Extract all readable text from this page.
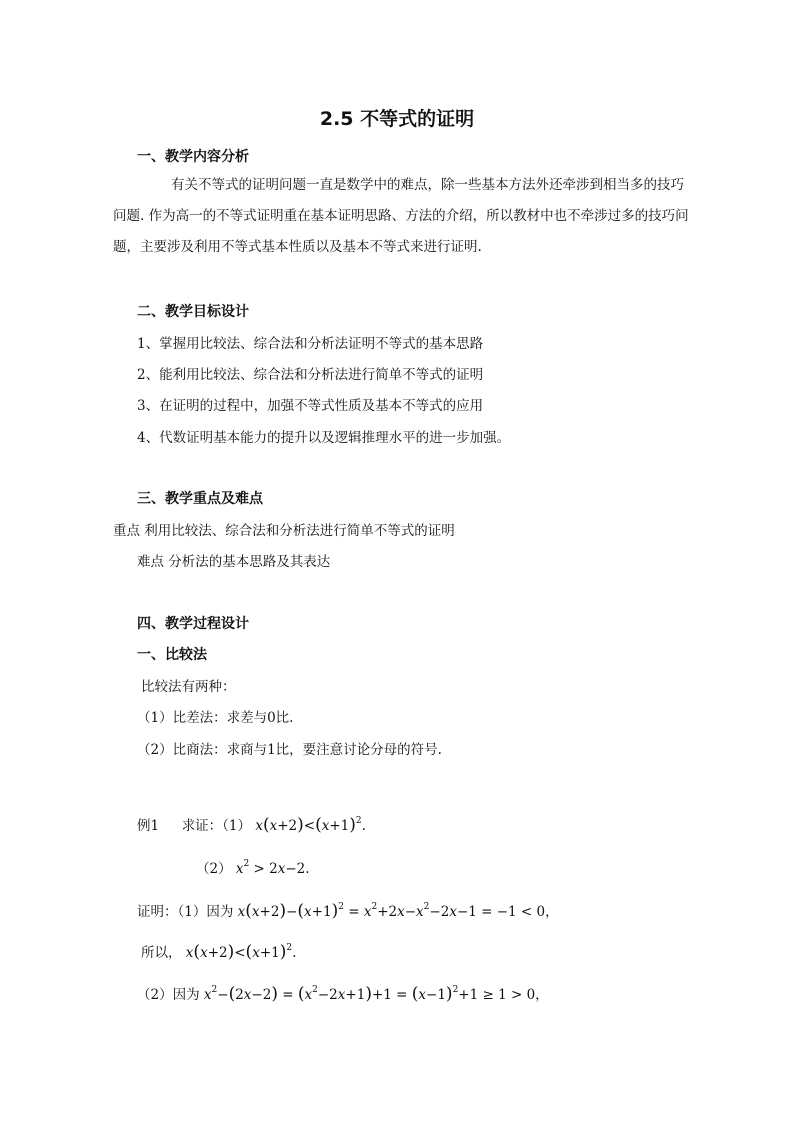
2.5 不等式的证明
一、教学内容分析
有关不等式的证明问题一直是数学中的难点，除一些基本方法外还牵涉到相当多的技巧问题. 作为高一的不等式证明重在基本证明思路、方法的介绍，所以教材中也不牵涉过多的技巧问题，主要涉及利用不等式基本性质以及基本不等式来进行证明.
二、教学目标设计
1、掌握用比较法、综合法和分析法证明不等式的基本思路
2、能利用比较法、综合法和分析法进行简单不等式的证明
3、在证明的过程中，加强不等式性质及基本不等式的应用
4、代数证明基本能力的提升以及逻辑推理水平的进一步加强。
三、教学重点及难点
重点 利用比较法、综合法和分析法进行简单不等式的证明
难点 分析法的基本思路及其表达
四、教学过程设计
一、比较法
比较法有两种：
（1）比差法：求差与0比.
（2）比商法：求商与1比，要注意讨论分母的符号.
例1 求证：（1） $x(x+2)<(x+1)^2$.
（2） $x^2 > 2x-2$.
证明：（1）因为 $x(x+2)-(x+1)^2 = x^2+2x-x^2-2x-1 = -1 < 0$，
所以， $x(x+2)<(x+1)^2$.
（2）因为 $x^2-(2x-2) = (x^2-2x+1)+1 = (x-1)^2+1 \ge 1 > 0$，
